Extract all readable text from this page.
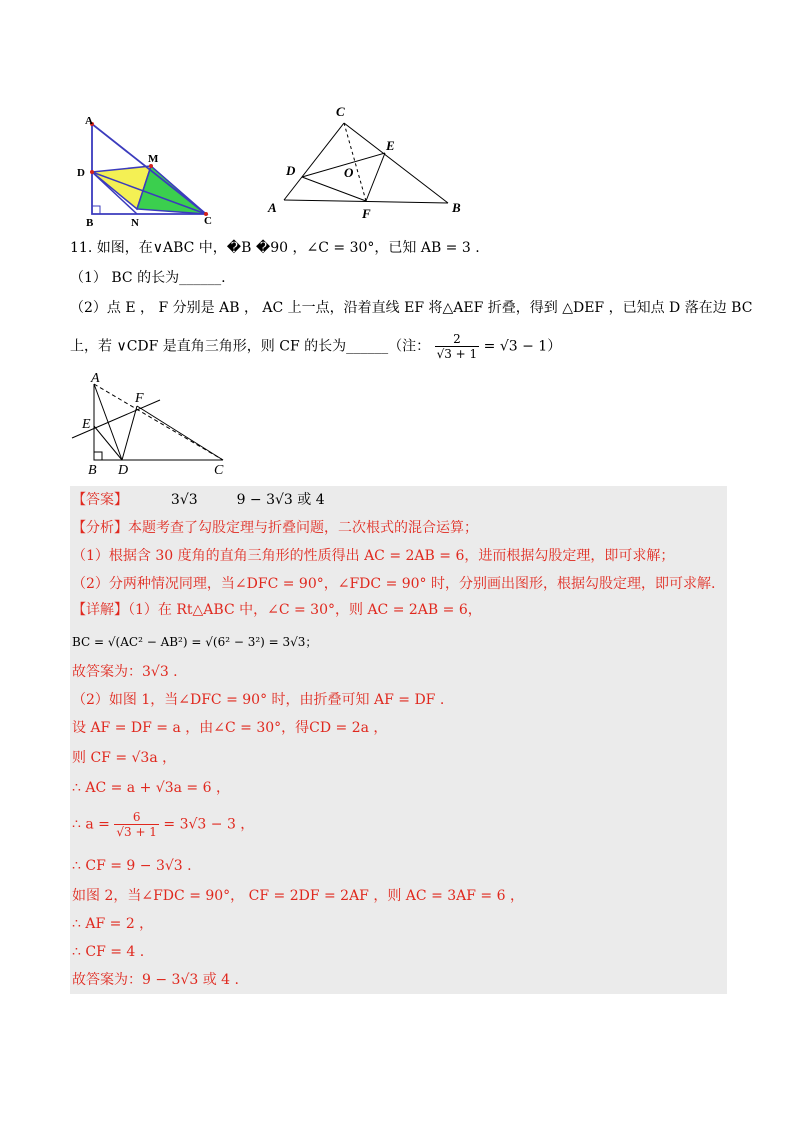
A
D
M
B	N	C
C
E
D	O
A	F	B
11. 如图，在∨ABC 中，�B �90 ，∠C = 30°，已知 AB = 3 .
（1） BC 的长为______.
（2）点 E ， F 分别是 AB ， AC 上一点，沿着直线 EF 将△AEF 折叠，得到 △DEF ，已知点 D 落在边 BC
上，若 ∨CDF 是直角三角形，则 CF 的长为______（注： $\frac{2}{√3 + 1} = √3 - 1$）
A
F
E
B D	C
【答案】	3√3	9 − 3√3 或 4
【分析】本题考查了勾股定理与折叠问题，二次根式的混合运算；
（1）根据含 30 度角的直角三角形的性质得出 AC = 2AB = 6，进而根据勾股定理，即可求解；
（2）分两种情况同理，当∠DFC = 90°，∠FDC = 90° 时，分别画出图形，根据勾股定理，即可求解.
【详解】（1）在 Rt△ABC 中，∠C = 30°，则 AC = 2AB = 6，
BC = √(AC² − AB²) = √(6² − 3²) = 3√3；
故答案为：3√3 .
（2）如图 1，当∠DFC = 90° 时，由折叠可知 AF = DF .
设 AF = DF = a ，由∠C = 30°，得CD = 2a ，
则 CF = √3a ，
∴ AC = a + √3a = 6 ，
∴ $a = \frac{6}{√3 + 1} = 3√3 - 3$ ，
∴ CF = 9 − 3√3 .
如图 2，当∠FDC = 90°， CF = 2DF = 2AF ，则 AC = 3AF = 6 ，
∴ AF = 2 ，
∴ CF = 4 .
故答案为：9 − 3√3 或 4 .
